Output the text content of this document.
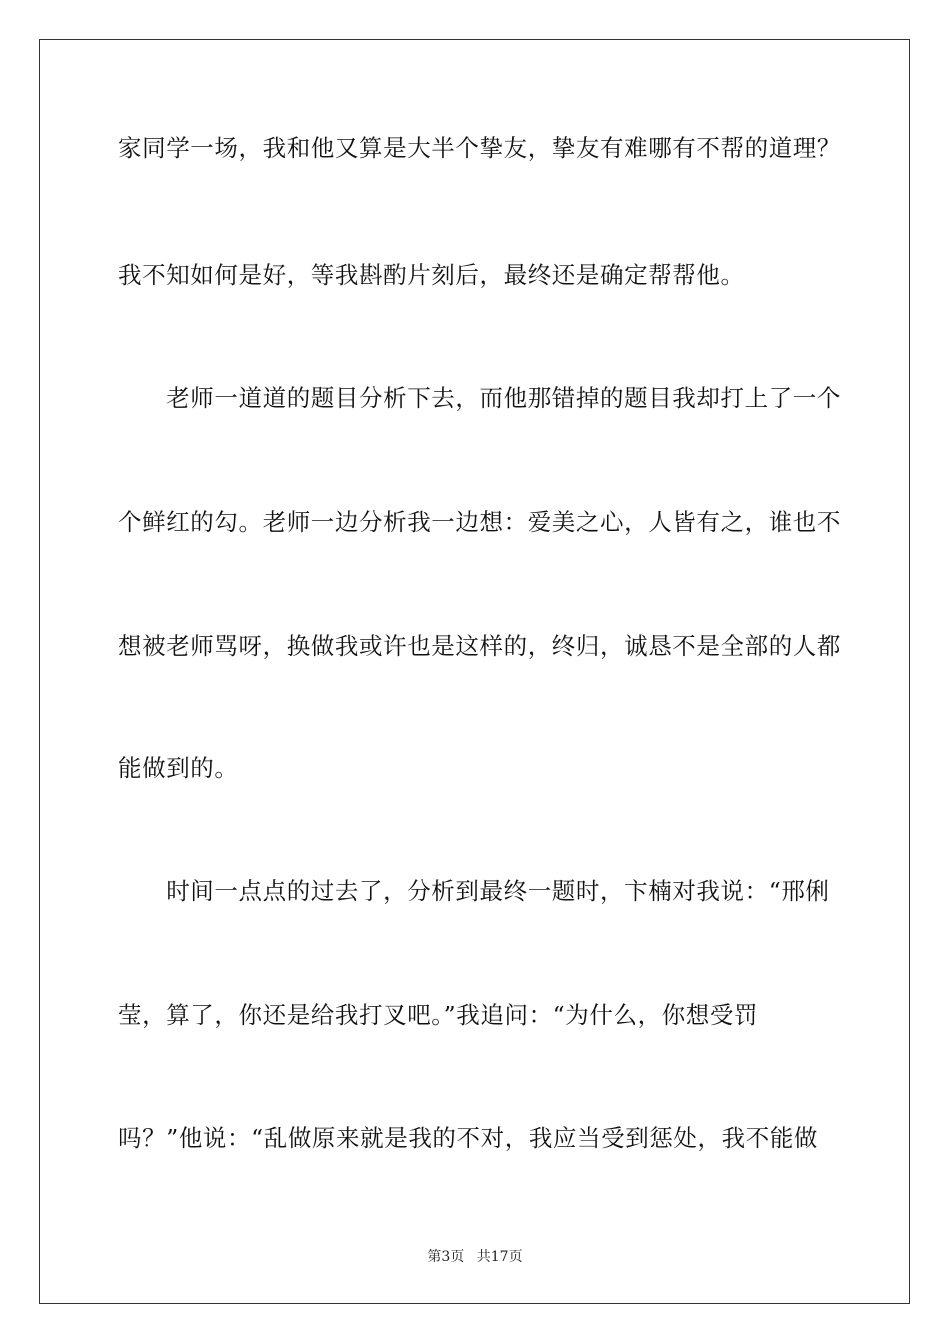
家同学一场，我和他又算是大半个挚友，挚友有难哪有不帮的道理？
我不知如何是好，等我斟酌片刻后，最终还是确定帮帮他。
　　老师一道道的题目分析下去，而他那错掉的题目我却打上了一个
个鲜红的勾。老师一边分析我一边想：爱美之心，人皆有之，谁也不
想被老师骂呀，换做我或许也是这样的，终归，诚恳不是全部的人都
能做到的。
　　时间一点点的过去了，分析到最终一题时，卞楠对我说：“邢俐
莹，算了，你还是给我打叉吧。”我追问：“为什么，你想受罚
吗？”他说：“乱做原来就是我的不对，我应当受到惩处，我不能做
第3页 共17页
